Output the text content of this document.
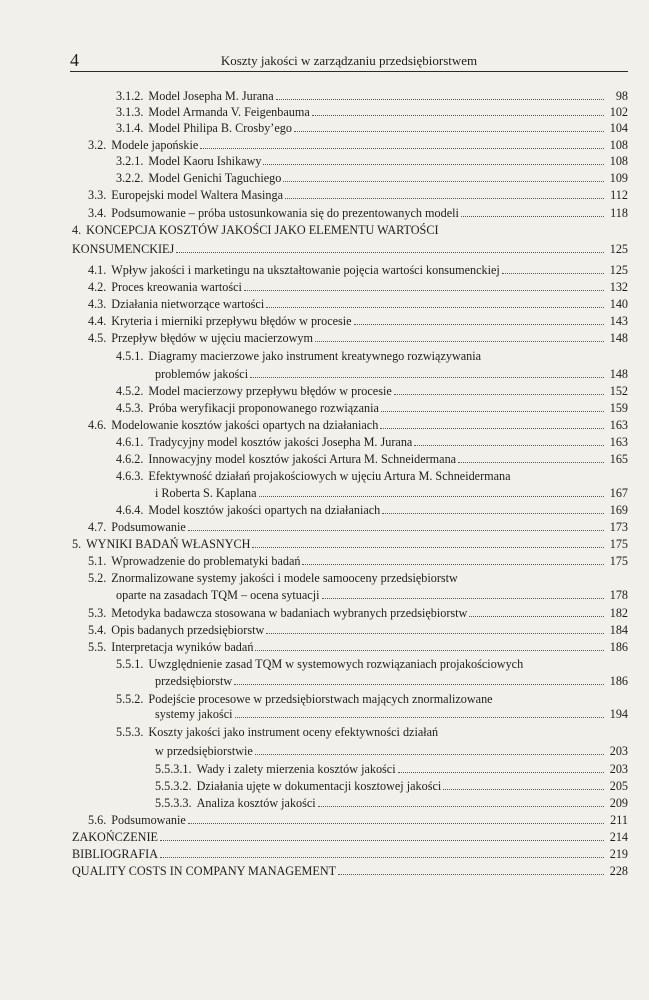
4	Koszty jakości w zarządzaniu przedsiębiorstwem
3.1.2. Model Josepha M. Jurana	98
3.1.3. Model Armanda V. Feigenbauma	102
3.1.4. Model Philipa B. Crosby’ego	104
3.2. Modele japońskie	108
3.2.1. Model Kaoru Ishikawy	108
3.2.2. Model Genichi Taguchiego	109
3.3. Europejski model Waltera Masinga	112
3.4. Podsumowanie – próba ustosunkowania się do prezentowanych modeli	118
4. KONCEPCJA KOSZTÓW JAKOŚCI JAKO ELEMENTU WARTOŚCI
KONSUMENCKIEJ	125
4.1. Wpływ jakości i marketingu na ukształtowanie pojęcia wartości konsumenckiej	125
4.2. Proces kreowania wartości	132
4.3. Działania nietworzące wartości	140
4.4. Kryteria i mierniki przepływu błędów w procesie	143
4.5. Przepływ błędów w ujęciu macierzowym	148
4.5.1. Diagramy macierzowe jako instrument kreatywnego rozwiązywania
problemów jakości	148
4.5.2. Model macierzowy przepływu błędów w procesie	152
4.5.3. Próba weryfikacji proponowanego rozwiązania	159
4.6. Modelowanie kosztów jakości opartych na działaniach	163
4.6.1. Tradycyjny model kosztów jakości Josepha M. Jurana	163
4.6.2. Innowacyjny model kosztów jakości Artura M. Schneidermana	165
4.6.3. Efektywność działań projakościowych w ujęciu Artura M. Schneidermana
i Roberta S. Kaplana	167
4.6.4. Model kosztów jakości opartych na działaniach	169
4.7. Podsumowanie	173
5. WYNIKI BADAŃ WŁASNYCH	175
5.1. Wprowadzenie do problematyki badań	175
5.2. Znormalizowane systemy jakości i modele samooceny przedsiębiorstw
oparte na zasadach TQM – ocena sytuacji	178
5.3. Metodyka badawcza stosowana w badaniach wybranych przedsiębiorstw	182
5.4. Opis badanych przedsiębiorstw	184
5.5. Interpretacja wyników badań	186
5.5.1. Uwzględnienie zasad TQM w systemowych rozwiązaniach projakościowych
przedsiębiorstw	186
5.5.2. Podejście procesowe w przedsiębiorstwach mających znormalizowane
systemy jakości	194
5.5.3. Koszty jakości jako instrument oceny efektywności działań
w przedsiębiorstwie	203
5.5.3.1. Wady i zalety mierzenia kosztów jakości	203
5.5.3.2. Działania ujęte w dokumentacji kosztowej jakości	205
5.5.3.3. Analiza kosztów jakości	209
5.6. Podsumowanie	211
ZAKOŃCZENIE	214
BIBLIOGRAFIA	219
QUALITY COSTS IN COMPANY MANAGEMENT	228
